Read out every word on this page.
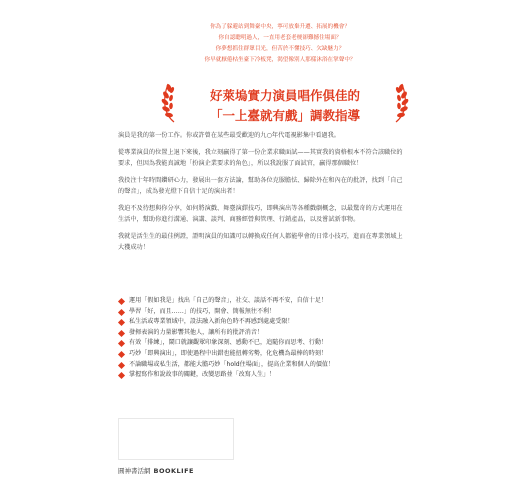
你為了躲避站到舞臺中央，寧可放棄升遷、拓展的機會？
你自認聰明過人，一直用老套老梗卻難撼住場面？
你夢想抓住群眾目光，但苦於不懂技巧、欠缺魅力？
你早就厭倦枯坐臺下冷板凳，渴望像別人那樣沐浴在掌聲中？
好萊塢實力演員唱作俱佳的
「一上臺就有戲」調教指導

演員是我的第一份工作。你或許曾在某些最受歡迎的九○年代電視影集中看過我。

從專業演員的位置上退下來後，我立刻贏得了第一份企業求職面試——其實我的資格根本不符合該職位的要求，但因為我能真誠地「扮演企業要求的角色」，所以我說服了面試官，贏得那個職位！

我投注十年時間鑽研心力，發展出一套方法論，幫助各位克服膽怯、歸除外在和內在的批評，找到「自己的聲音」，成為發光燈下自信十足的演出者！

我迫不及待想與你分享，如何將演戲、舞臺演繹技巧，即興演出等各種戲劇概念，以最驚奇的方式運用在生活中，幫助你進行溝通、演講、談判、商務經營與管理、行銷產品，以及嘗試新事物。

我就是活生生的最佳例證，證明演員的知識可以轉換成任何人都能學會的日常小技巧，進而在專業領域上大獲成功！

運用「假如我是」找出「自己的聲音」，社交、談話不再不安，自信十足！
學習「好，而且……」的技巧，開會、簡報無往不利！
私生活或專業領域中，設法融入新角色時不再感到處處受限！
發揮表演的力量影響其他人，讓所有的批評消音！
有效「排練」，鬧口就讓觀眾印象深刻、感動不已，追隨你而思考、行動！
巧妙「即興演出」，即使過程中出錯也能扭轉劣勢，化危機為最棒的時刻！
不論職場或私生活，都能大膽巧妙「hold住場面」，提高企業和個人的價值！
掌握寫作和說故事的關鍵，改變思路並「改寫人生」！
圓神書活網 BOOKLIFE
